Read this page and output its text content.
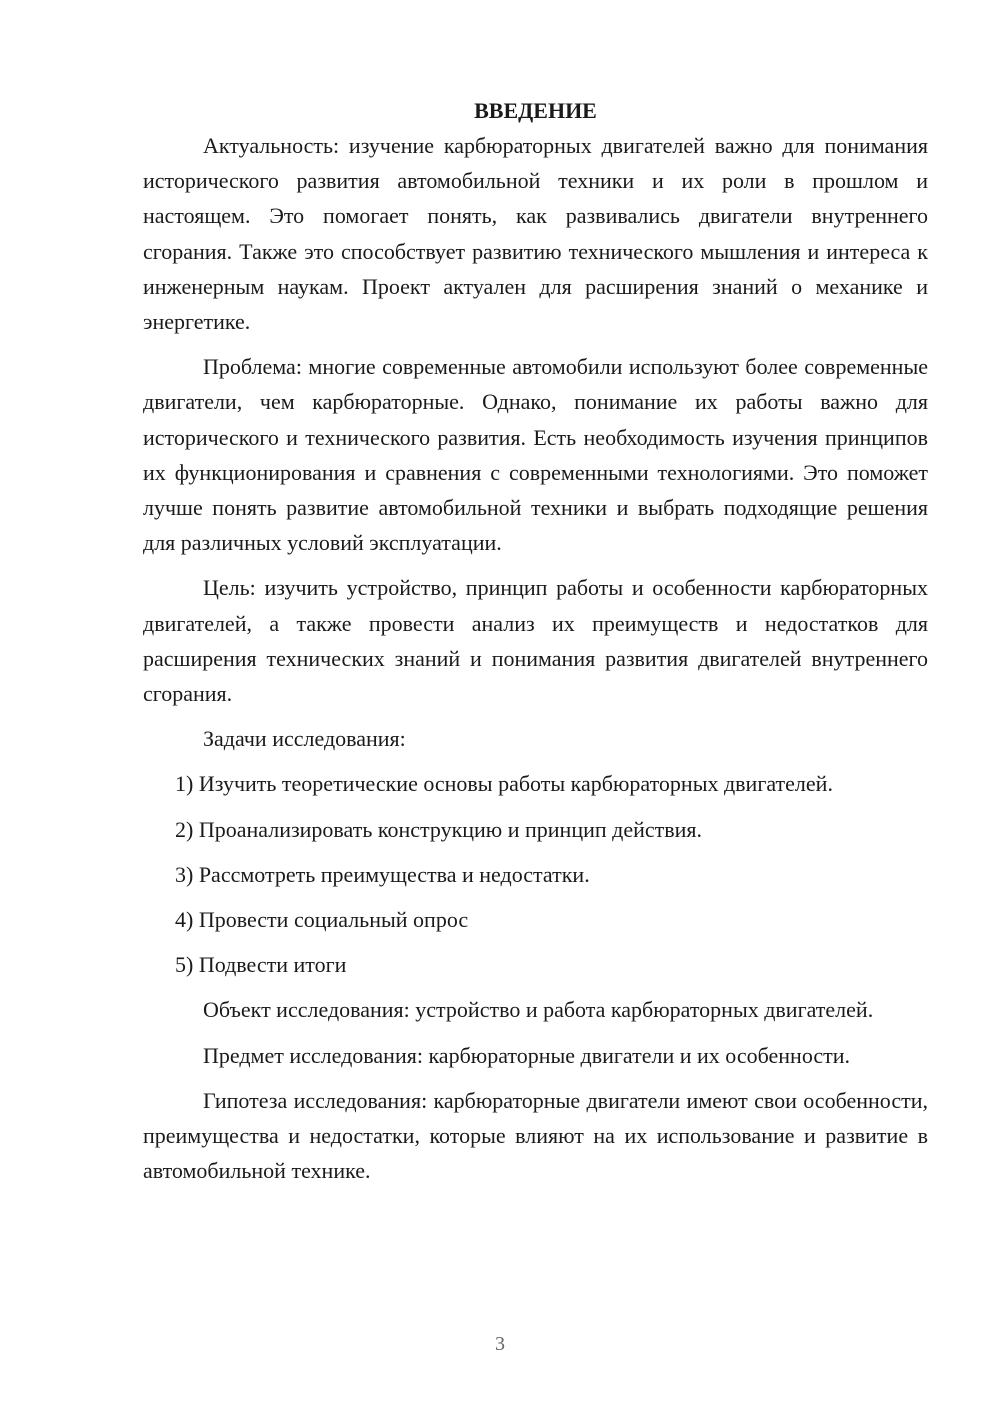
ВВЕДЕНИЕ

Актуальность: изучение карбюраторных двигателей важно для понимания исторического развития автомобильной техники и их роли в прошлом и настоящем. Это помогает понять, как развивались двигатели внутреннего сгорания. Также это способствует развитию технического мышления и интереса к инженерным наукам. Проект актуален для расширения знаний о механике и энергетике.

Проблема: многие современные автомобили используют более современные двигатели, чем карбюраторные. Однако, понимание их работы важно для исторического и технического развития. Есть необходимость изучения принципов их функционирования и сравнения с современными технологиями. Это поможет лучше понять развитие автомобильной техники и выбрать подходящие решения для различных условий эксплуатации.

Цель: изучить устройство, принцип работы и особенности карбюраторных двигателей, а также провести анализ их преимуществ и недостатков для расширения технических знаний и понимания развития двигателей внутреннего сгорания.

Задачи исследования:

1) Изучить теоретические основы работы карбюраторных двигателей.

2) Проанализировать конструкцию и принцип действия.

3) Рассмотреть преимущества и недостатки.

4) Провести социальный опрос

5) Подвести итоги

Объект исследования: устройство и работа карбюраторных двигателей.

Предмет исследования: карбюраторные двигатели и их особенности.

Гипотеза исследования: карбюраторные двигатели имеют свои особенности, преимущества и недостатки, которые влияют на их использование и развитие в автомобильной технике.

3
